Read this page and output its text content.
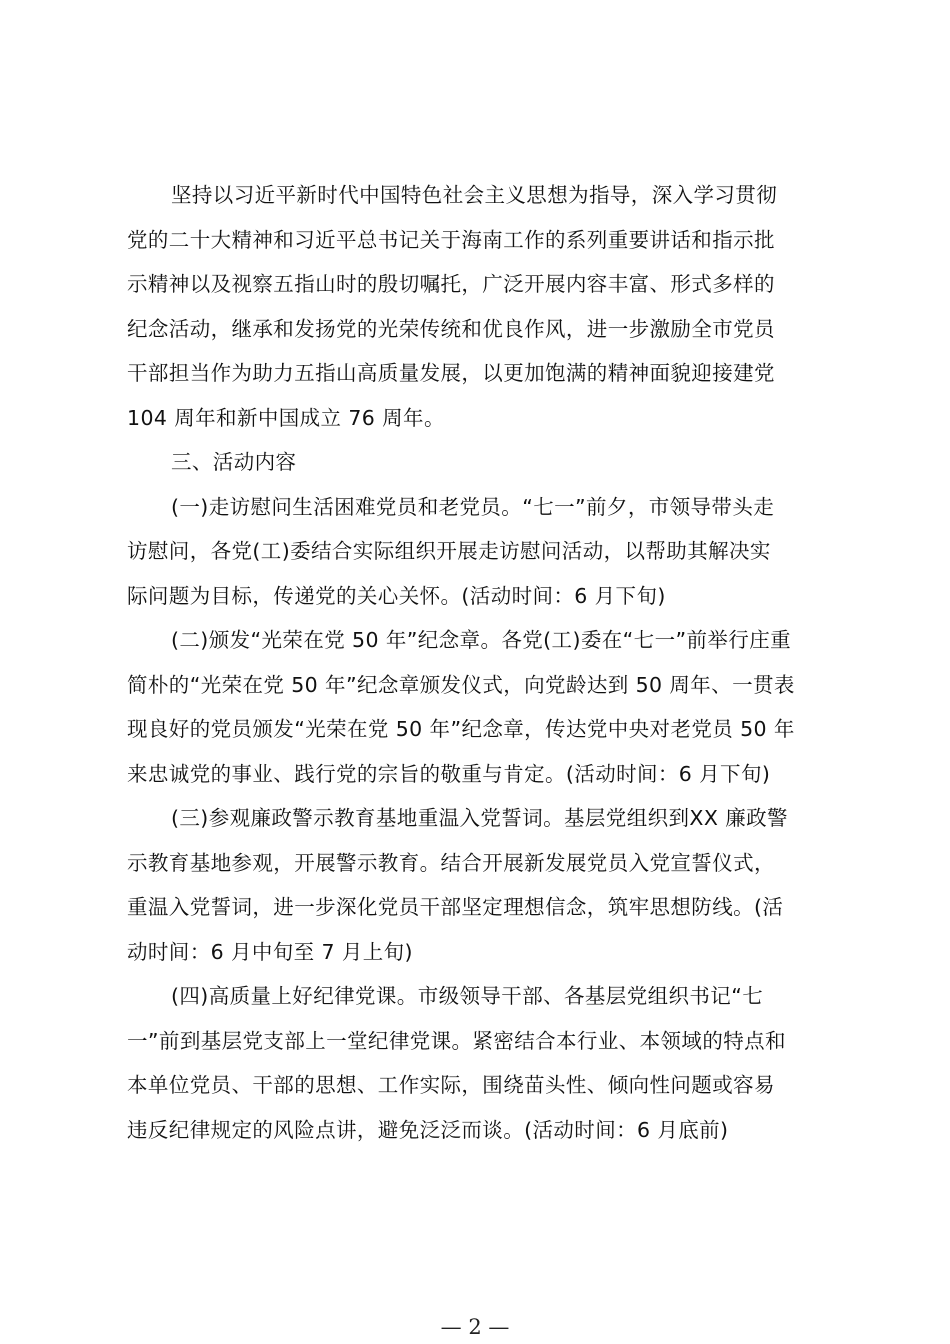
坚持以习近平新时代中国特色社会主义思想为指导，深入学习贯彻
党的二十大精神和习近平总书记关于海南工作的系列重要讲话和指示批
示精神以及视察五指山时的殷切嘱托，广泛开展内容丰富、形式多样的
纪念活动，继承和发扬党的光荣传统和优良作风，进一步激励全市党员
干部担当作为助力五指山高质量发展，以更加饱满的精神面貌迎接建党
104 周年和新中国成立 76 周年。
三、活动内容
(一)走访慰问生活困难党员和老党员。“七一”前夕，市领导带头走
访慰问，各党(工)委结合实际组织开展走访慰问活动，以帮助其解决实
际问题为目标，传递党的关心关怀。(活动时间：6 月下旬)
(二)颁发“光荣在党 50 年”纪念章。各党(工)委在“七一”前举行庄重
简朴的“光荣在党 50 年”纪念章颁发仪式，向党龄达到 50 周年、一贯表
现良好的党员颁发“光荣在党 50 年”纪念章，传达党中央对老党员 50 年
来忠诚党的事业、践行党的宗旨的敬重与肯定。(活动时间：6 月下旬)
(三)参观廉政警示教育基地重温入党誓词。基层党组织到XX 廉政警
示教育基地参观，开展警示教育。结合开展新发展党员入党宣誓仪式，
重温入党誓词，进一步深化党员干部坚定理想信念，筑牢思想防线。(活
动时间：6 月中旬至 7 月上旬)
(四)高质量上好纪律党课。市级领导干部、各基层党组织书记“七
一”前到基层党支部上一堂纪律党课。紧密结合本行业、本领域的特点和
本单位党员、干部的思想、工作实际，围绕苗头性、倾向性问题或容易
违反纪律规定的风险点讲，避免泛泛而谈。(活动时间：6 月底前)
— 2 —
